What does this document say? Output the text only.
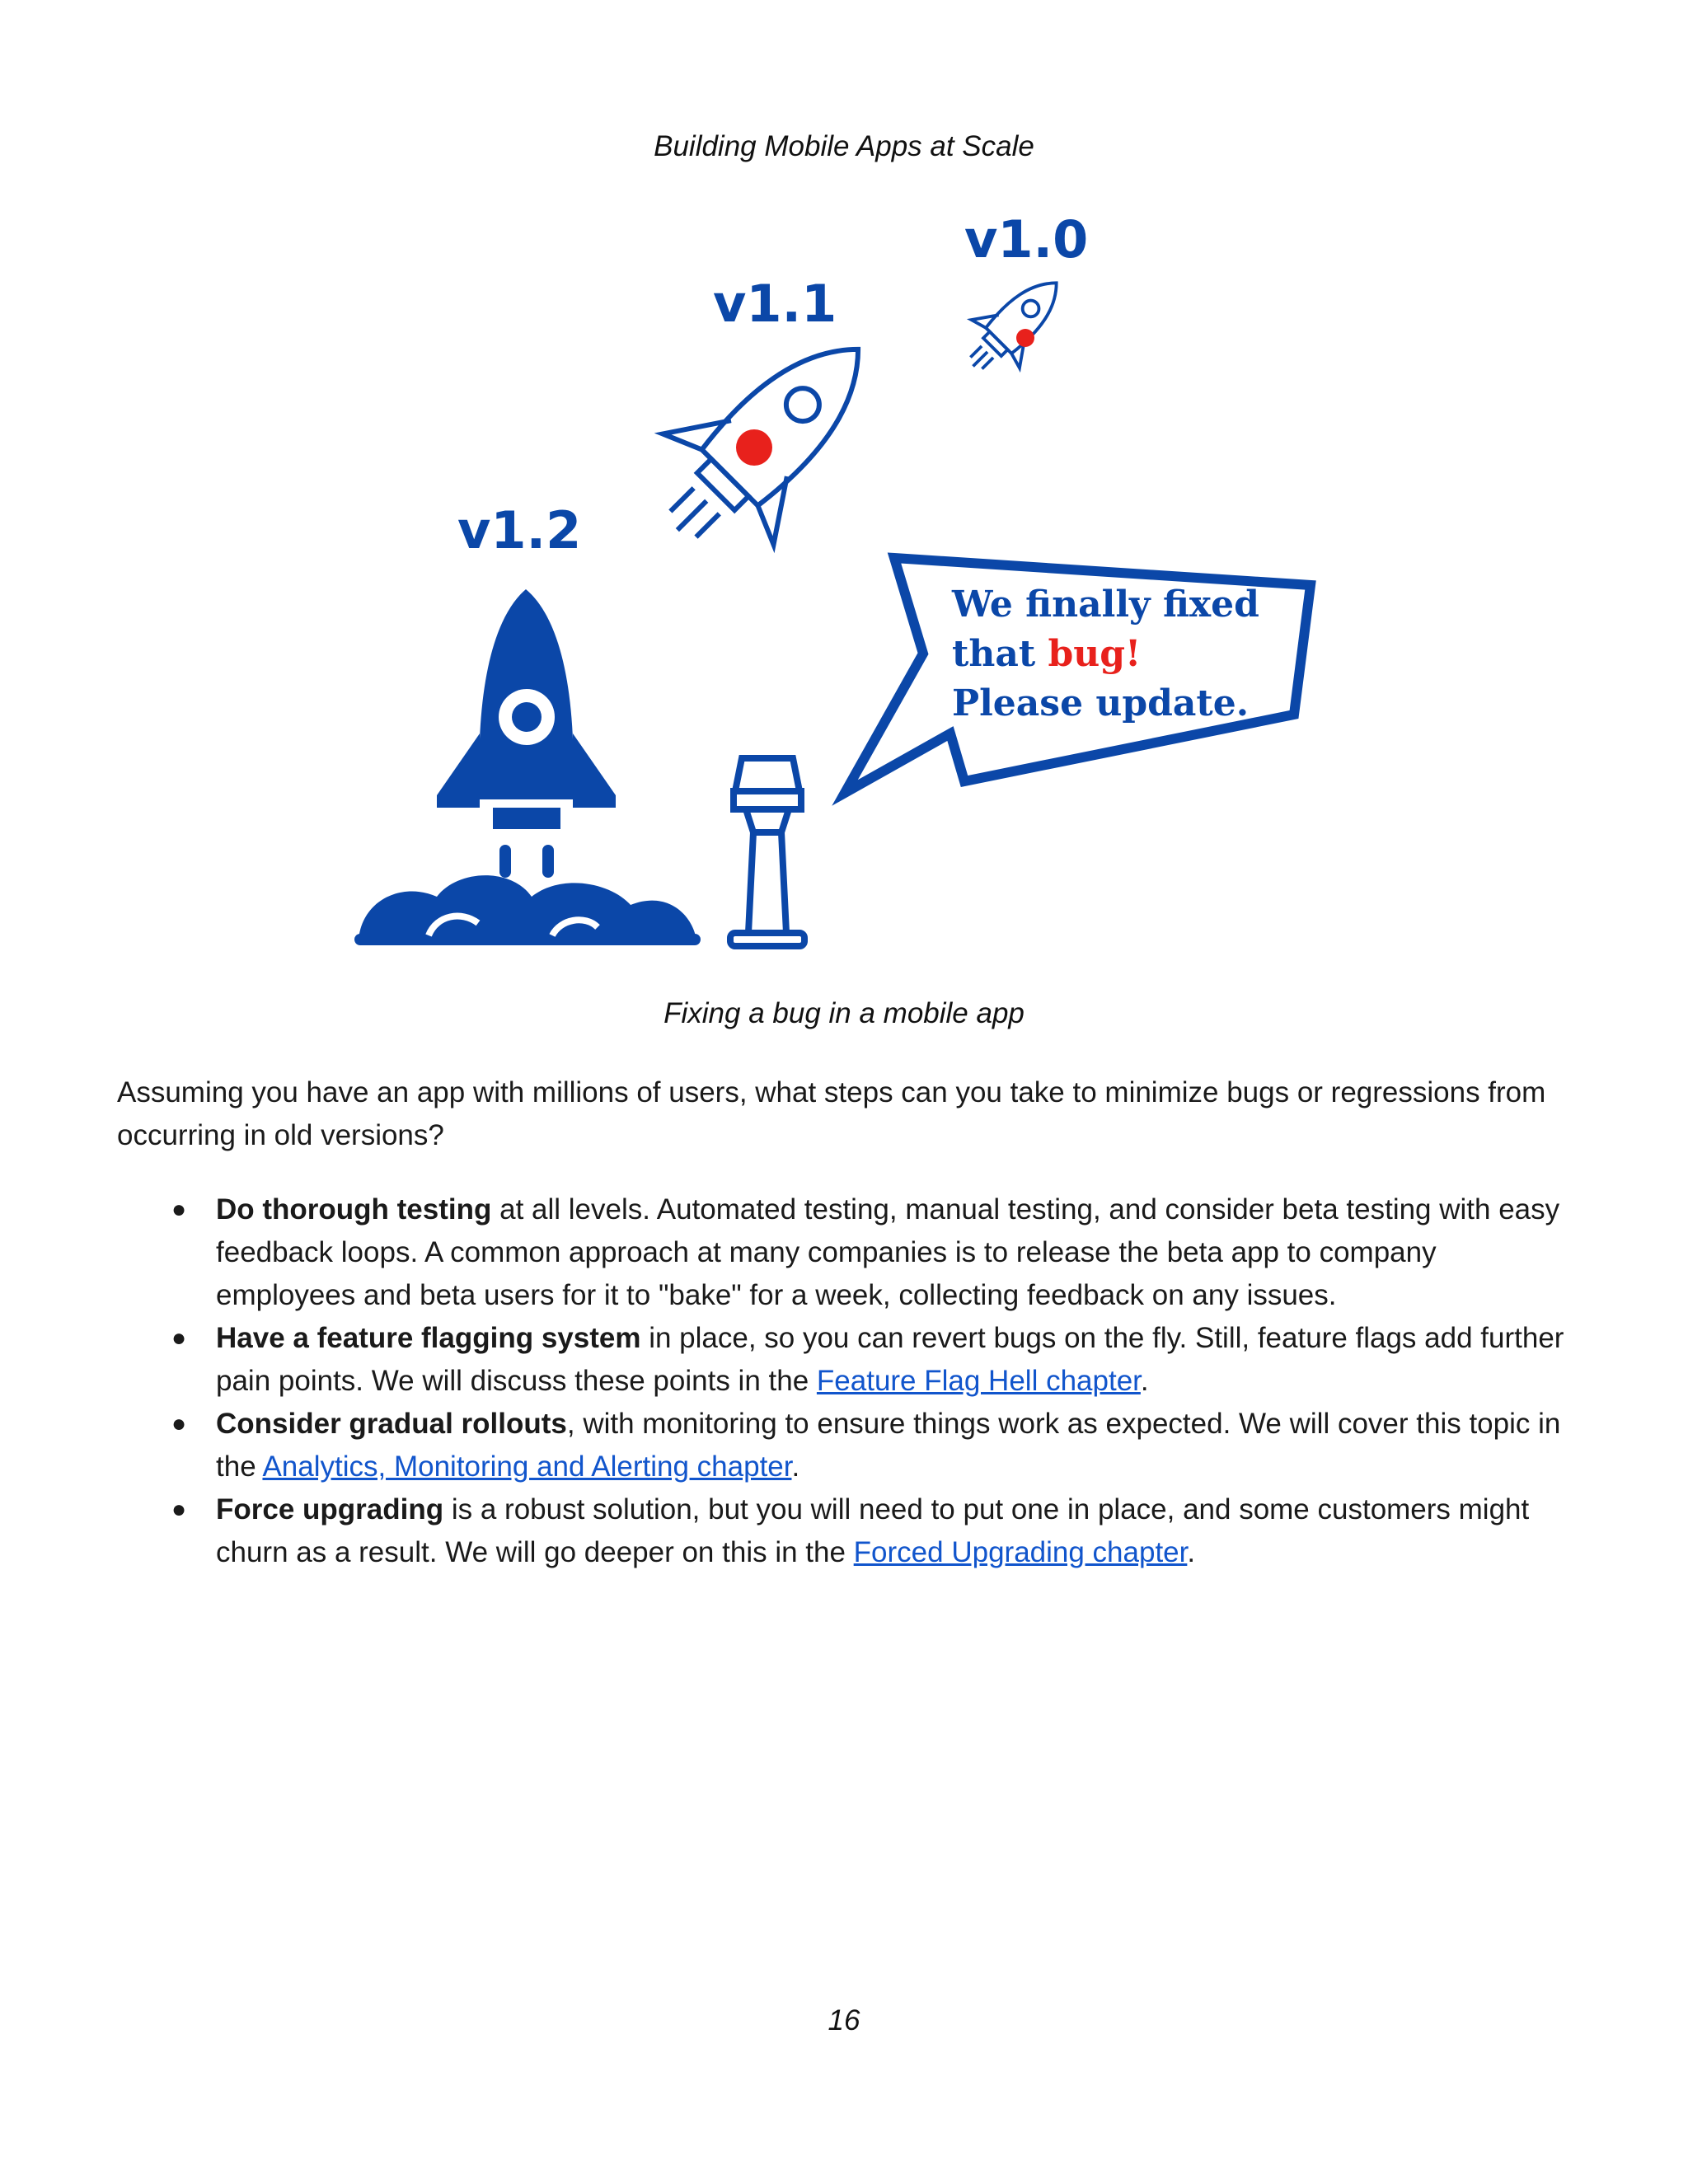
Building Mobile Apps at Scale
v1.0
v1.1
v1.2
We finally fixed
that bug!
Please update.
Fixing a bug in a mobile app

Assuming you have an app with millions of users, what steps can you take to minimize bugs or regressions from occurring in old versions?

● Do thorough testing at all levels. Automated testing, manual testing, and consider beta testing with easy feedback loops. A common approach at many companies is to release the beta app to company employees and beta users for it to "bake" for a week, collecting feedback on any issues.
● Have a feature flagging system in place, so you can revert bugs on the fly. Still, feature flags add further pain points. We will discuss these points in the Feature Flag Hell chapter.
● Consider gradual rollouts, with monitoring to ensure things work as expected. We will cover this topic in the Analytics, Monitoring and Alerting chapter.
● Force upgrading is a robust solution, but you will need to put one in place, and some customers might churn as a result. We will go deeper on this in the Forced Upgrading chapter.
16
